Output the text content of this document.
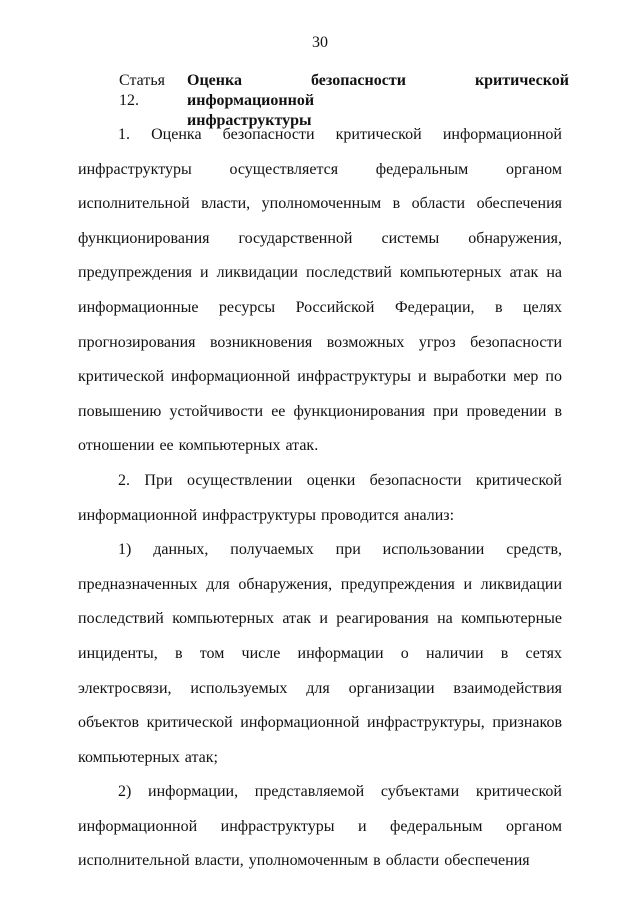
30
Статья 12.
Оценка безопасности критической информационной
инфраструктуры

1. Оценка безопасности критической информационной инфраструктуры осуществляется федеральным органом исполнительной власти, уполномоченным в области обеспечения функционирования государственной системы обнаружения, предупреждения и ликвидации последствий компьютерных атак на информационные ресурсы Российской Федерации, в целях прогнозирования возникновения возможных угроз безопасности критической информационной инфраструктуры и выработки мер по повышению устойчивости ее функционирования при проведении в отношении ее компьютерных атак.

2. При осуществлении оценки безопасности критической информационной инфраструктуры проводится анализ:

1) данных, получаемых при использовании средств, предназначенных для обнаружения, предупреждения и ликвидации последствий компьютерных атак и реагирования на компьютерные инциденты, в том числе информации о наличии в сетях электросвязи, используемых для организации взаимодействия объектов критической информационной инфраструктуры, признаков компьютерных атак;

2) информации, представляемой субъектами критической информационной инфраструктуры и федеральным органом исполнительной власти, уполномоченным в области обеспечения
